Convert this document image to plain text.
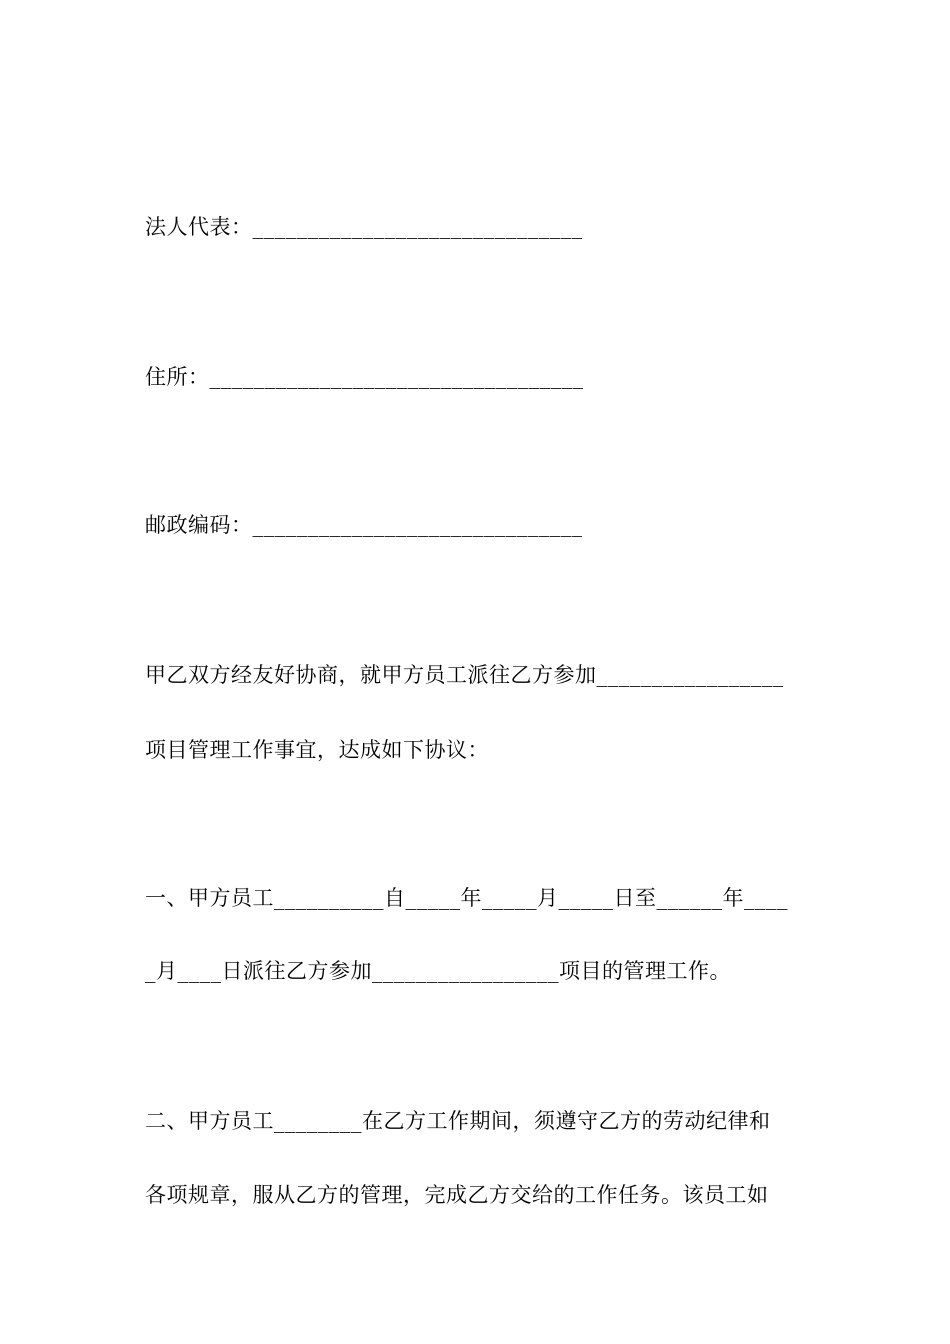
法人代表：______________________________
住所：__________________________________
邮政编码：______________________________
甲乙双方经友好协商，就甲方员工派往乙方参加_________________
项目管理工作事宜，达成如下协议：
一、甲方员工__________自_____年_____月_____日至______年____
_月____日派往乙方参加_________________项目的管理工作。
二、甲方员工________在乙方工作期间，须遵守乙方的劳动纪律和
各项规章，服从乙方的管理，完成乙方交给的工作任务。该员工如
